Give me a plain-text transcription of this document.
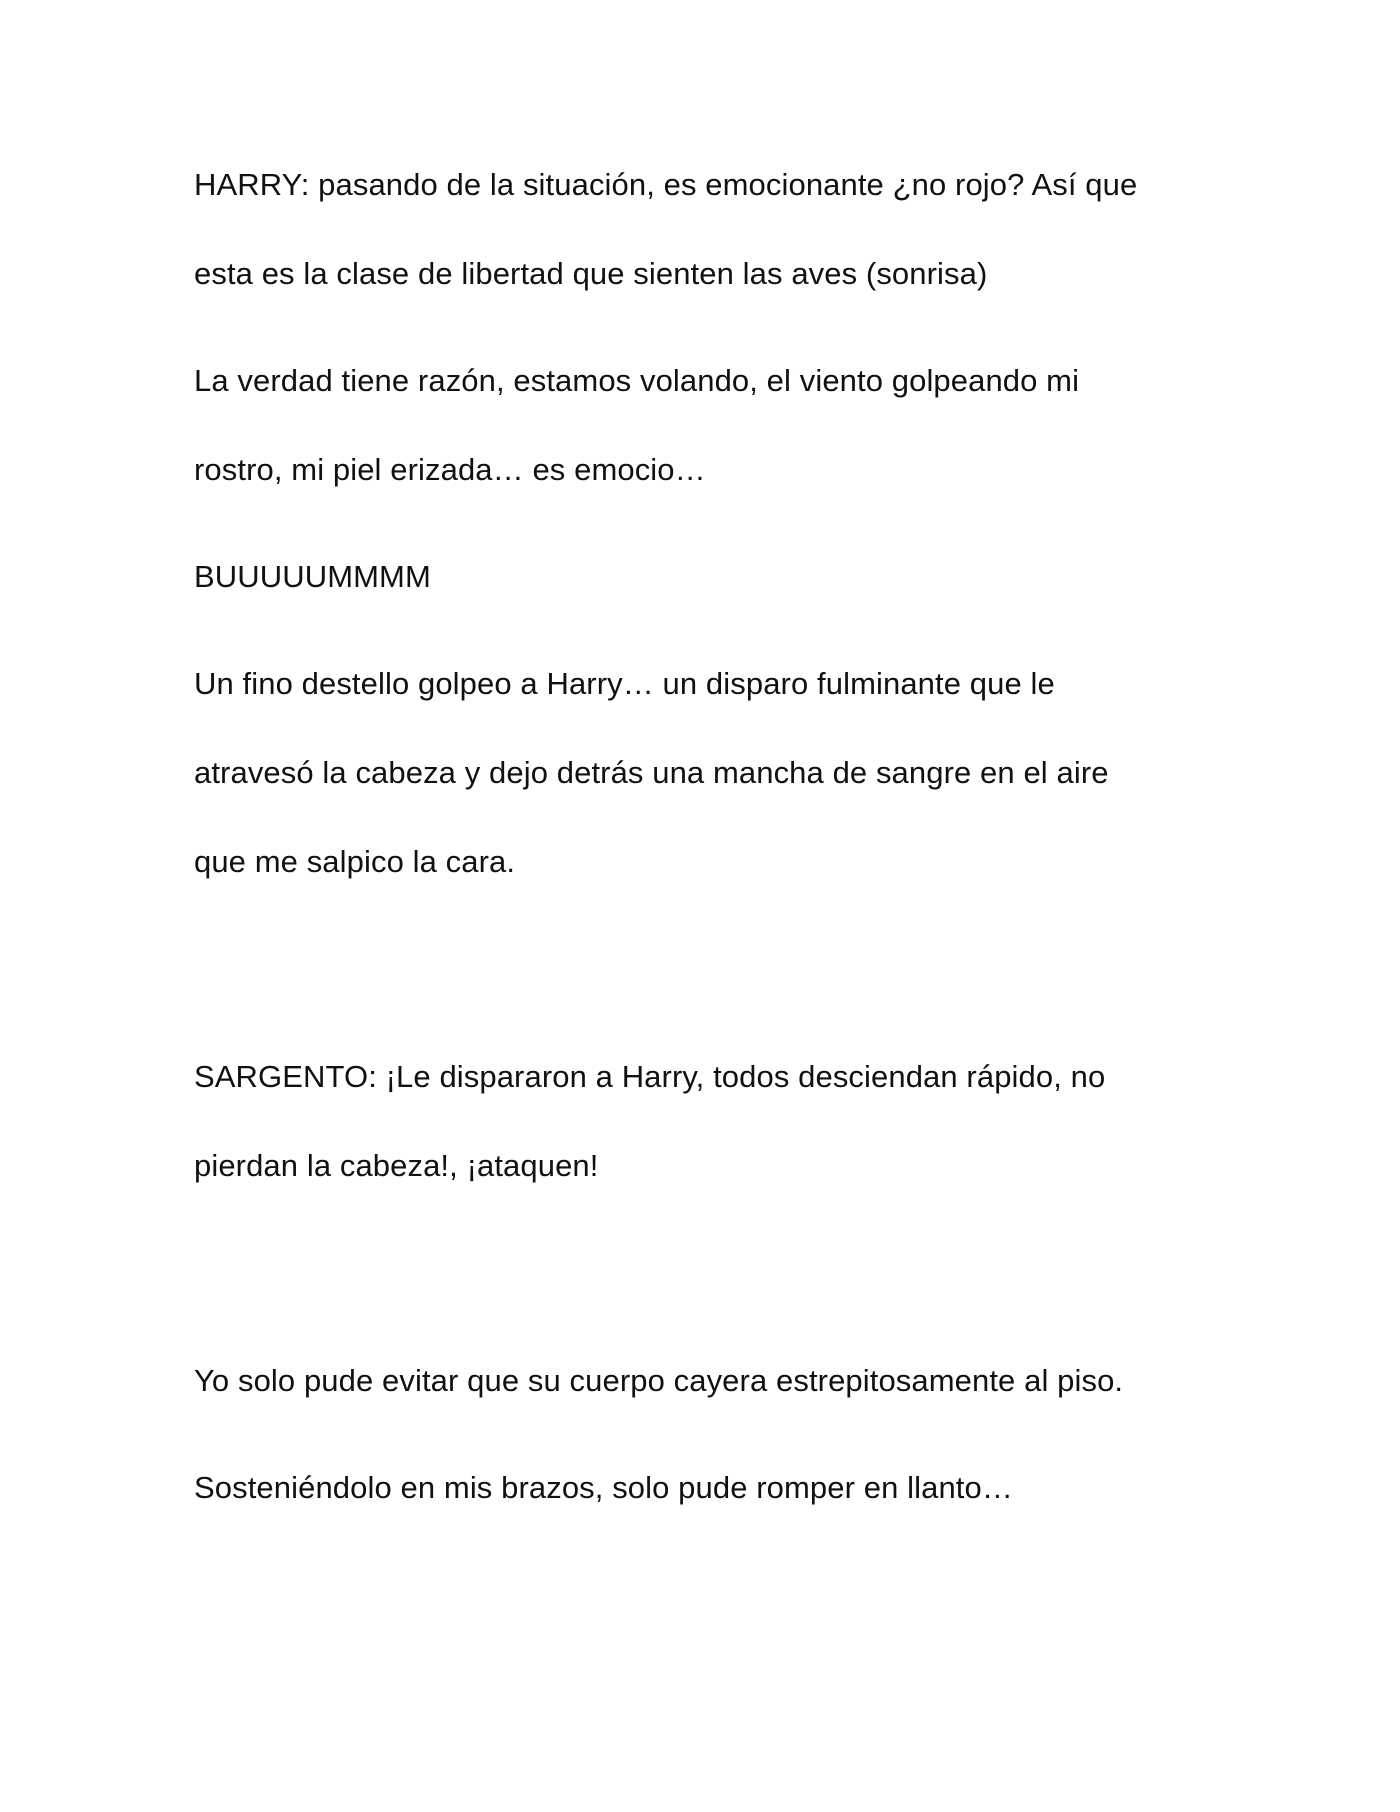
HARRY: pasando de la situación, es emocionante ¿no rojo? Así que
esta es la clase de libertad que sienten las aves (sonrisa)
La verdad tiene razón, estamos volando, el viento golpeando mi
rostro, mi piel erizada… es emocio…
BUUUUUMMMM
Un fino destello golpeo a Harry… un disparo fulminante que le
atravesó la cabeza y dejo detrás una mancha de sangre en el aire
que me salpico la cara.
SARGENTO: ¡Le dispararon a Harry, todos desciendan rápido, no
pierdan la cabeza!, ¡ataquen!
Yo solo pude evitar que su cuerpo cayera estrepitosamente al piso.
Sosteniéndolo en mis brazos, solo pude romper en llanto…
